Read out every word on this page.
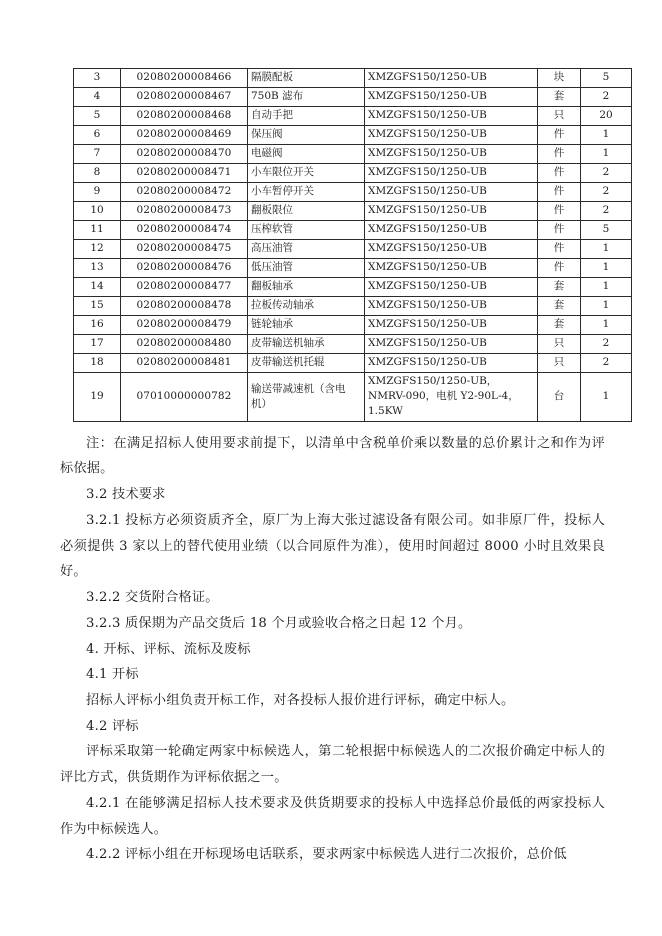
3	02080200008466	隔膜配板	XMZGFS150/1250-UB	块	5
4	02080200008467	750B 滤布	XMZGFS150/1250-UB	套	2
5	02080200008468	自动手把	XMZGFS150/1250-UB	只	20
6	02080200008469	保压阀	XMZGFS150/1250-UB	件	1
7	02080200008470	电磁阀	XMZGFS150/1250-UB	件	1
8	02080200008471	小车限位开关	XMZGFS150/1250-UB	件	2
9	02080200008472	小车暂停开关	XMZGFS150/1250-UB	件	2
10	02080200008473	翻板限位	XMZGFS150/1250-UB	件	2
11	02080200008474	压榨软管	XMZGFS150/1250-UB	件	5
12	02080200008475	高压油管	XMZGFS150/1250-UB	件	1
13	02080200008476	低压油管	XMZGFS150/1250-UB	件	1
14	02080200008477	翻板轴承	XMZGFS150/1250-UB	套	1
15	02080200008478	拉板传动轴承	XMZGFS150/1250-UB	套	1
16	02080200008479	链轮轴承	XMZGFS150/1250-UB	套	1
17	02080200008480	皮带输送机轴承	XMZGFS150/1250-UB	只	2
18	02080200008481	皮带输送机托辊	XMZGFS150/1250-UB	只	2
19	07010000000782	输送带减速机（含电机）	XMZGFS150/1250-UB，NMRV-090，电机 Y2-90L-4，1.5KW	台	1

注：在满足招标人使用要求前提下，以清单中含税单价乘以数量的总价累计之和作为评标依据。

3.2 技术要求

3.2.1 投标方必须资质齐全，原厂为上海大张过滤设备有限公司。如非原厂件，投标人必须提供 3 家以上的替代使用业绩（以合同原件为准），使用时间超过 8000 小时且效果良好。

3.2.2 交货附合格证。

3.2.3 质保期为产品交货后 18 个月或验收合格之日起 12 个月。

4. 开标、评标、流标及废标

4.1 开标

招标人评标小组负责开标工作，对各投标人报价进行评标，确定中标人。

4.2 评标

评标采取第一轮确定两家中标候选人，第二轮根据中标候选人的二次报价确定中标人的评比方式，供货期作为评标依据之一。

4.2.1 在能够满足招标人技术要求及供货期要求的投标人中选择总价最低的两家投标人作为中标候选人。

4.2.2 评标小组在开标现场电话联系，要求两家中标候选人进行二次报价，总价低
